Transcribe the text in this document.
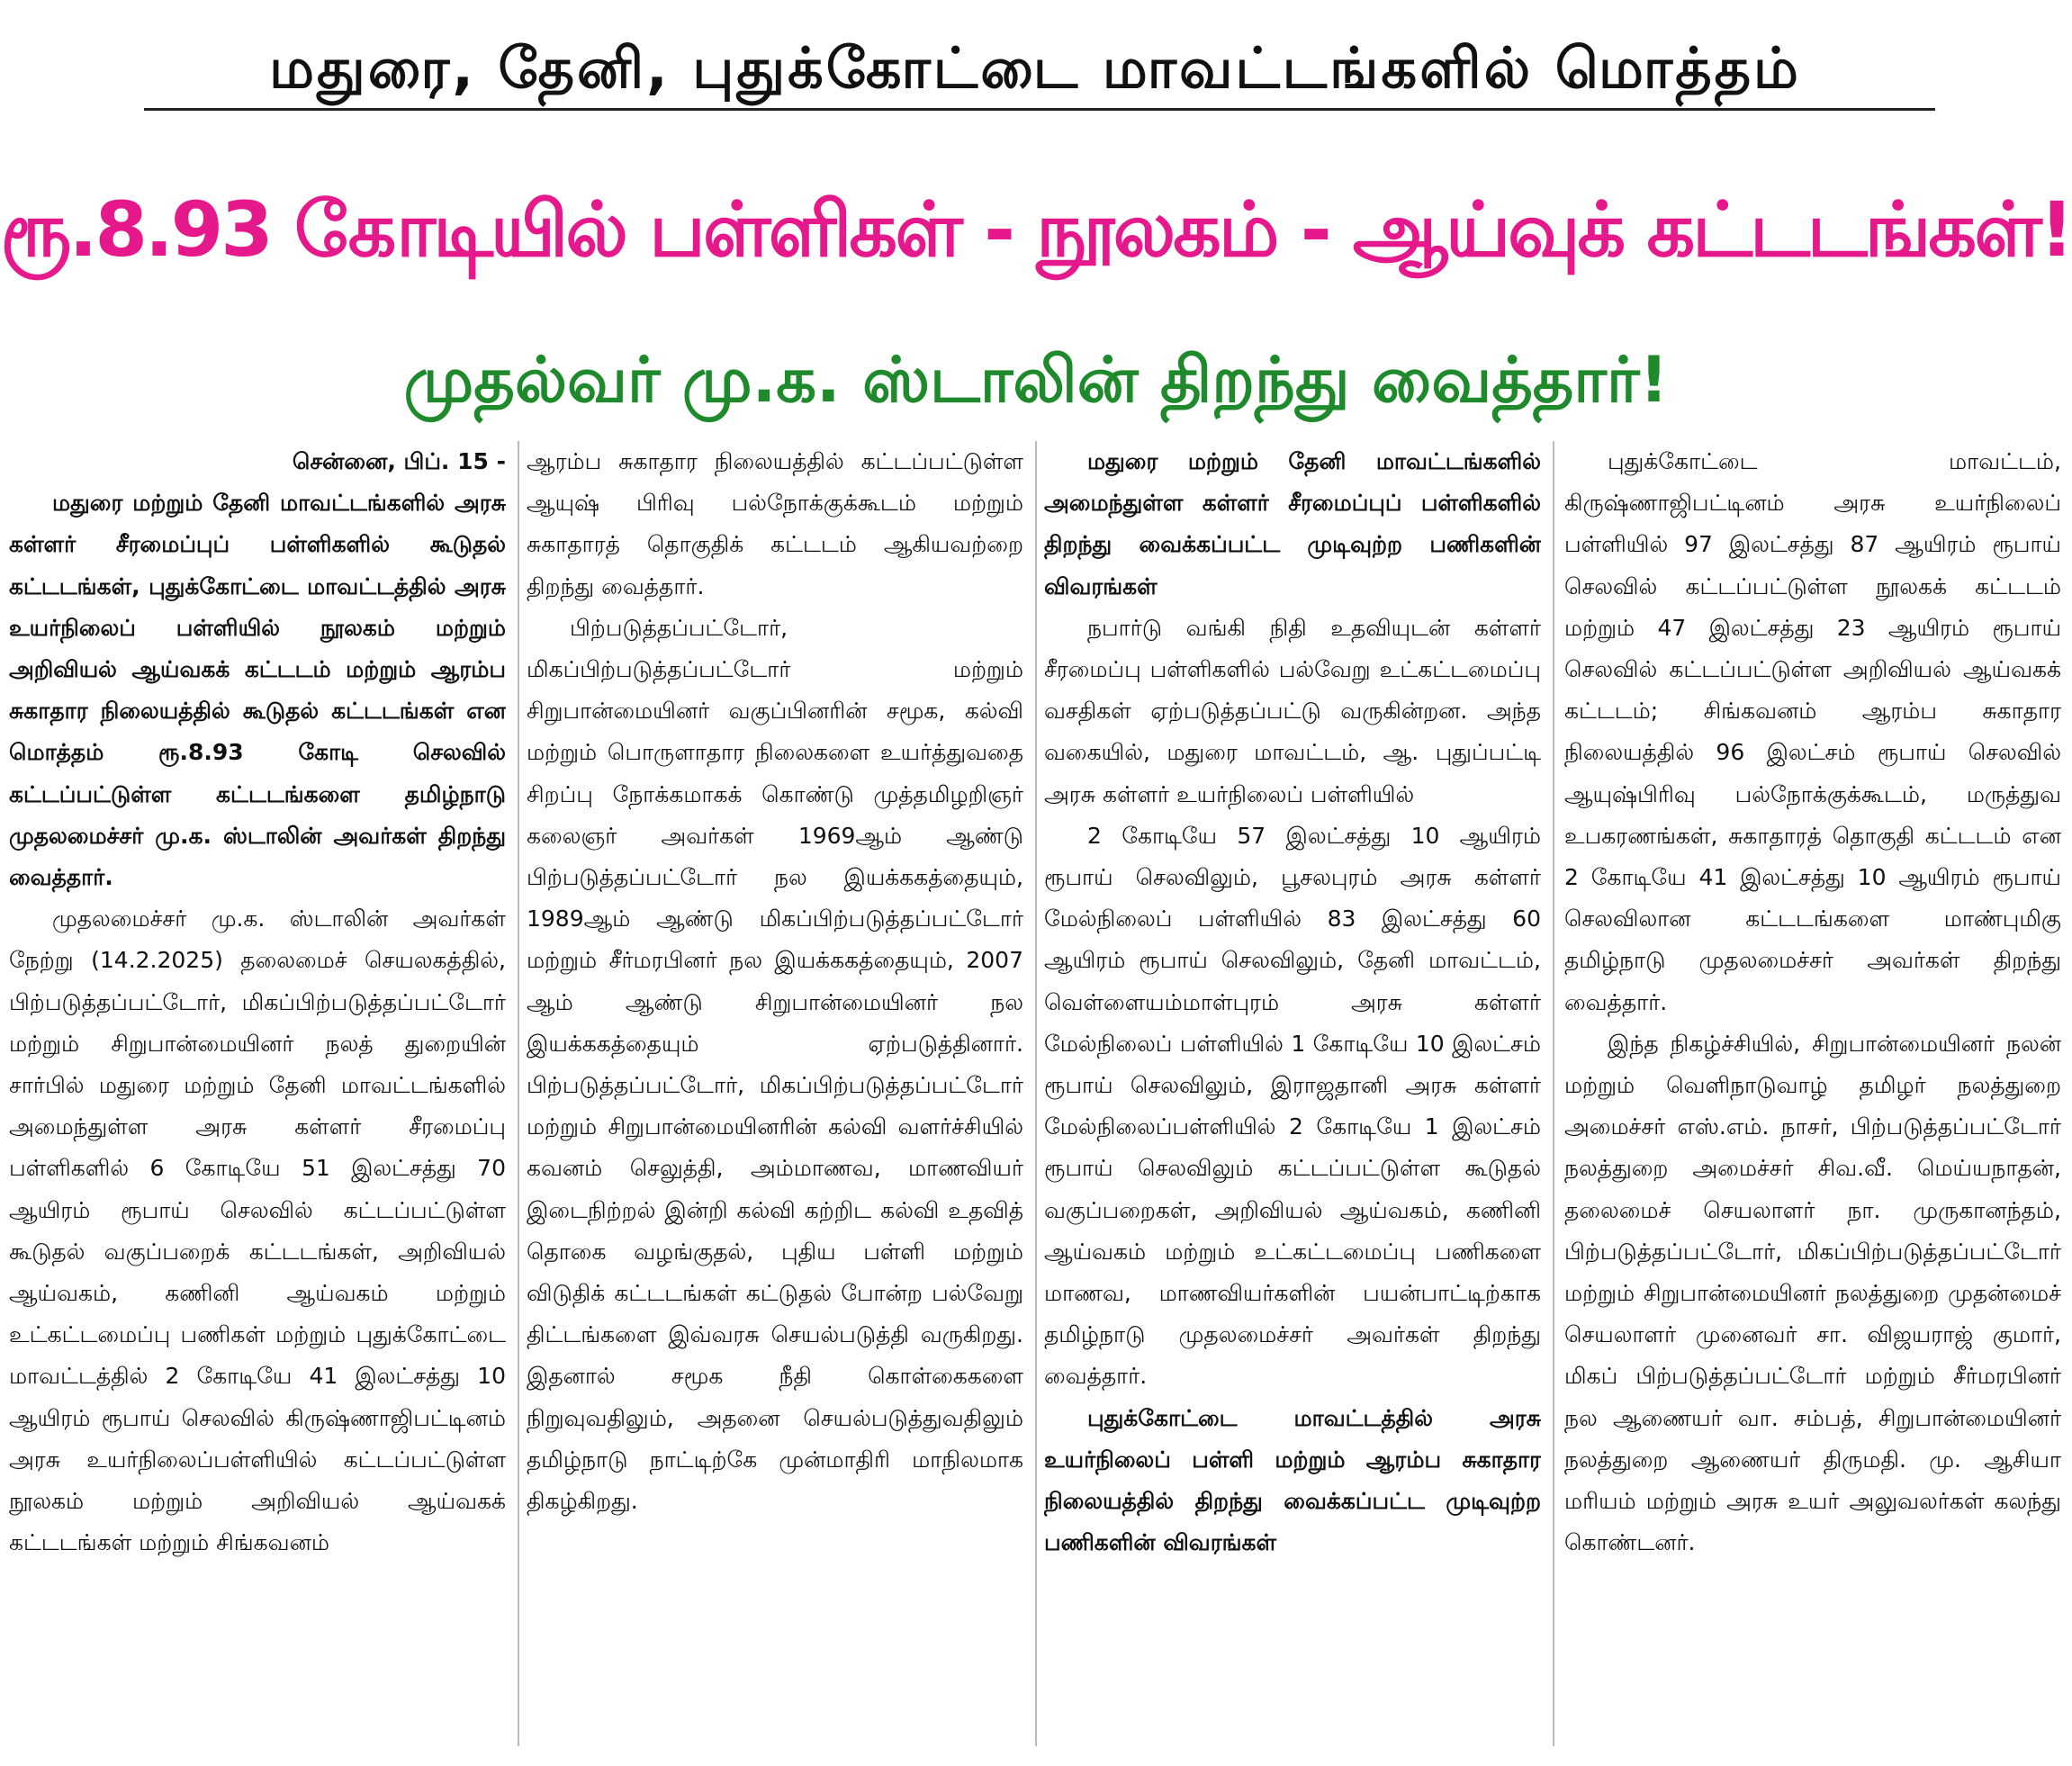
மதுரை, தேனி, புதுக்கோட்டை மாவட்டங்களில் மொத்தம்
ரூ.8.93 கோடியில் பள்ளிகள் - நூலகம் - ஆய்வுக் கட்டடங்கள்!
முதல்வர் மு.க. ஸ்டாலின் திறந்து வைத்தார்!
சென்னை, பிப். 15 -

மதுரை மற்றும் தேனி மாவட்டங்களில் அரசு கள்ளர் சீரமைப்புப் பள்ளிகளில் கூடுதல் கட்டடங்கள், புதுக்கோட்டை மாவட்டத்தில் அரசு உயர்நிலைப் பள்ளியில் நூலகம் மற்றும் அறிவியல் ஆய்வகக் கட்டடம் மற்றும் ஆரம்ப சுகாதார நிலையத்தில் கூடுதல் கட்டடங்கள் என மொத்தம் ரூ.8.93 கோடி செலவில் கட்டப்பட்டுள்ள கட்டடங்களை தமிழ்நாடு முதலமைச்சர் மு.க. ஸ்டாலின் அவர்கள் திறந்து வைத்தார்.

முதலமைச்சர் மு.க. ஸ்டாலின் அவர்கள் நேற்று (14.2.2025) தலைமைச் செயலகத்தில், பிற்படுத்தப்பட்டோர், மிகப்பிற்படுத்தப்பட்டோர் மற்றும் சிறுபான்மையினர் நலத் துறையின் சார்பில் மதுரை மற்றும் தேனி மாவட்டங்களில் அமைந்துள்ள அரசு கள்ளர் சீரமைப்பு பள்ளிகளில் 6 கோடியே 51 இலட்சத்து 70 ஆயிரம் ரூபாய் செலவில் கட்டப்பட்டுள்ள கூடுதல் வகுப்பறைக் கட்டடங்கள், அறிவியல் ஆய்வகம், கணினி ஆய்வகம் மற்றும் உட்கட்டமைப்பு பணிகள் மற்றும் புதுக்கோட்டை மாவட்டத்தில் 2 கோடியே 41 இலட்சத்து 10 ஆயிரம் ரூபாய் செலவில் கிருஷ்ணாஜிபட்டினம் அரசு உயர்நிலைப்பள்ளியில் கட்டப்பட்டுள்ள நூலகம் மற்றும் அறிவியல் ஆய்வகக் கட்டடங்கள் மற்றும் சிங்கவனம்

ஆரம்ப சுகாதார நிலையத்தில் கட்டப்பட்டுள்ள ஆயுஷ் பிரிவு பல்நோக்குக்கூடம் மற்றும் சுகாதாரத் தொகுதிக் கட்டடம் ஆகியவற்றை திறந்து வைத்தார்.

பிற்படுத்தப்பட்டோர், மிகப்பிற்படுத்தப்பட்டோர் மற்றும் சிறுபான்மையினர் வகுப்பினரின் சமூக, கல்வி மற்றும் பொருளாதார நிலைகளை உயர்த்துவதை சிறப்பு நோக்கமாகக் கொண்டு முத்தமிழறிஞர் கலைஞர் அவர்கள் 1969ஆம் ஆண்டு பிற்படுத்தப்பட்டோர் நல இயக்ககத்தையும், 1989ஆம் ஆண்டு மிகப்பிற்படுத்தப்பட்டோர் மற்றும் சீர்மரபினர் நல இயக்ககத்தையும், 2007 ஆம் ஆண்டு சிறுபான்மையினர் நல இயக்ககத்தையும் ஏற்படுத்தினார். பிற்படுத்தப்பட்டோர், மிகப்பிற்படுத்தப்பட்டோர் மற்றும் சிறுபான்மையினரின் கல்வி வளர்ச்சியில் கவனம் செலுத்தி, அம்மாணவ, மாணவியர் இடைநிற்றல் இன்றி கல்வி கற்றிட கல்வி உதவித் தொகை வழங்குதல், புதிய பள்ளி மற்றும் விடுதிக் கட்டடங்கள் கட்டுதல் போன்ற பல்வேறு திட்டங்களை இவ்வரசு செயல்படுத்தி வருகிறது. இதனால் சமூக நீதி கொள்கைகளை நிறுவுவதிலும், அதனை செயல்படுத்துவதிலும் தமிழ்நாடு நாட்டிற்கே முன்மாதிரி மாநிலமாக திகழ்கிறது.

மதுரை மற்றும் தேனி மாவட்டங்களில் அமைந்துள்ள கள்ளர் சீரமைப்புப் பள்ளிகளில் திறந்து வைக்கப்பட்ட முடிவுற்ற பணிகளின் விவரங்கள்

நபார்டு வங்கி நிதி உதவியுடன் கள்ளர் சீரமைப்பு பள்ளிகளில் பல்வேறு உட்கட்டமைப்பு வசதிகள் ஏற்படுத்தப்பட்டு வருகின்றன. அந்த வகையில், மதுரை மாவட்டம், ஆ. புதுப்பட்டி அரசு கள்ளர் உயர்நிலைப் பள்ளியில்

2 கோடியே 57 இலட்சத்து 10 ஆயிரம் ரூபாய் செலவிலும், பூசலபுரம் அரசு கள்ளர் மேல்நிலைப் பள்ளியில் 83 இலட்சத்து 60 ஆயிரம் ரூபாய் செலவிலும், தேனி மாவட்டம், வெள்ளையம்மாள்புரம் அரசு கள்ளர் மேல்நிலைப் பள்ளியில் 1 கோடியே 10 இலட்சம் ரூபாய் செலவிலும், இராஜதானி அரசு கள்ளர் மேல்நிலைப்பள்ளியில் 2 கோடியே 1 இலட்சம் ரூபாய் செலவிலும் கட்டப்பட்டுள்ள கூடுதல் வகுப்பறைகள், அறிவியல் ஆய்வகம், கணினி ஆய்வகம் மற்றும் உட்கட்டமைப்பு பணிகளை மாணவ, மாணவியர்களின் பயன்பாட்டிற்காக தமிழ்நாடு முதலமைச்சர் அவர்கள் திறந்து வைத்தார்.

புதுக்கோட்டை மாவட்டத்தில் அரசு உயர்நிலைப் பள்ளி மற்றும் ஆரம்ப சுகாதார நிலையத்தில் திறந்து வைக்கப்பட்ட முடிவுற்ற பணிகளின் விவரங்கள்

புதுக்கோட்டை மாவட்டம், கிருஷ்ணாஜிபட்டினம் அரசு உயர்நிலைப் பள்ளியில் 97 இலட்சத்து 87 ஆயிரம் ரூபாய் செலவில் கட்டப்பட்டுள்ள நூலகக் கட்டடம் மற்றும் 47 இலட்சத்து 23 ஆயிரம் ரூபாய் செலவில் கட்டப்பட்டுள்ள அறிவியல் ஆய்வகக் கட்டடம்; சிங்கவனம் ஆரம்ப சுகாதார நிலையத்தில் 96 இலட்சம் ரூபாய் செலவில் ஆயுஷ்பிரிவு பல்நோக்குக்கூடம், மருத்துவ உபகரணங்கள், சுகாதாரத் தொகுதி கட்டடம் என 2 கோடியே 41 இலட்சத்து 10 ஆயிரம் ரூபாய் செலவிலான கட்டடங்களை மாண்புமிகு தமிழ்நாடு முதலமைச்சர் அவர்கள் திறந்து வைத்தார்.

இந்த நிகழ்ச்சியில், சிறுபான்மையினர் நலன் மற்றும் வெளிநாடுவாழ் தமிழர் நலத்துறை அமைச்சர் எஸ்.எம். நாசர், பிற்படுத்தப்பட்டோர் நலத்துறை அமைச்சர் சிவ.வீ. மெய்யநாதன், தலைமைச் செயலாளர் நா. முருகானந்தம், பிற்படுத்தப்பட்டோர், மிகப்பிற்படுத்தப்பட்டோர் மற்றும் சிறுபான்மையினர் நலத்துறை முதன்மைச் செயலாளர் முனைவர் சா. விஜயராஜ் குமார், மிகப் பிற்படுத்தப்பட்டோர் மற்றும் சீர்மரபினர் நல ஆணையர் வா. சம்பத், சிறுபான்மையினர் நலத்துறை ஆணையர் திருமதி. மு. ஆசியா மரியம் மற்றும் அரசு உயர் அலுவலர்கள் கலந்து கொண்டனர்.
